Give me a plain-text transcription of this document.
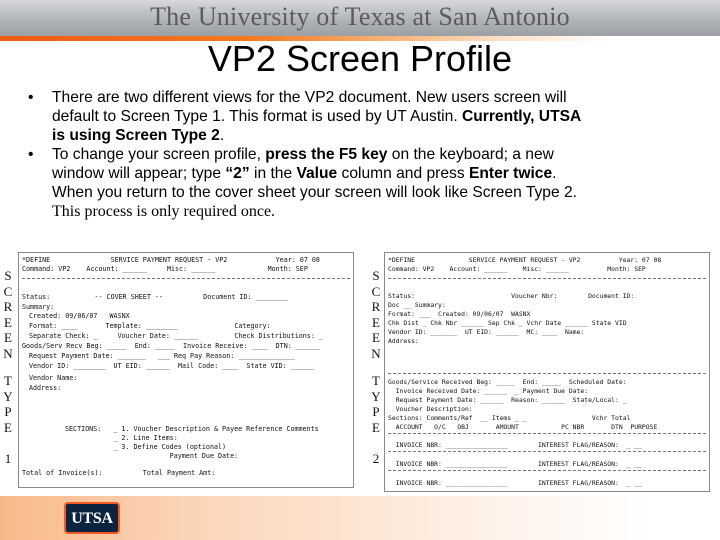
The University of Texas at San Antonio
VP2 Screen Profile
•	There are two different views for the VP2 document. New users screen will
default to Screen Type 1. This format is used by UT Austin. Currently, UTSA
is using Screen Type 2.
•	To change your screen profile, press the F5 key on the keyboard; a new
window will appear; type “2” in the Value column and press Enter twice.
When you return to the cover sheet your screen will look like Screen Type 2.
This process is only required once.
S
C
R
E
E
N
T
Y
P
E
1
S
C
R
E
E
N
T
Y
P
E
2
*DEFINE               SERVICE PAYMENT REQUEST - VP2            Year: 07 08
Command: VP2    Account: ______     Misc: ______             Month: SEP
Status:           -- COVER SHEET --          Document ID: ________
Summary:
Created: 09/06/07   WASNX
Format: ____       Template: ________              Category:
Separate Check: _     Voucher Date: ______         Check Distributions: _
Goods/Serv Recv Beg: _____  End: _____  Invoice Receive: ____  DTN: ______
Request Payment Date: _______   ___ Req Pay Reason: ______________
Vendor ID: ________  UT EID: ______  Mail Code: ____  State VID: ______
Vendor Name:
Address:
SECTIONS:   _ 1. Voucher Description & Payee Reference Comments
_ 2. Line Items:
_ 3. Define Codes (optional)
Payment Due Date:
Total of Invoice(s):          Total Payment Amt:
*DEFINE              SERVICE PAYMENT REQUEST - VP2          Year: 07 08
Command: VP2    Account: ______    Misc: ______          Month: SEP
Status:                         Voucher Nbr:        Document ID:
Doc __ Summary:
Format: ___  Created: 09/06/07  WASNX
Chk Dist _ Chk Nbr ______ Sep Chk _ Vchr Date ______ State VID
Vendor ID: _______  UT EID: ______  MC: ____  Name:
Address:
Goods/Service Received Beg: _____  End: _____  Scheduled Date:
Invoice Received Date: ______  _ Payment Due Date:
Request Payment Date: ______  Reason: ______  State/Local: _
Voucher Description:
Sections: Comments/Ref  __ Items _ _                 Vchr Total
ACCOUNT   O/C   OBJ       AMOUNT           PC NBR       DTN  PURPOSE
INVOICE NBR: ________________        INTEREST FLAG/REASON:  _ __
INVOICE NBR: ________________        INTEREST FLAG/REASON:  _ __
INVOICE NBR: ________________        INTEREST FLAG/REASON:  _ __
UTSA
